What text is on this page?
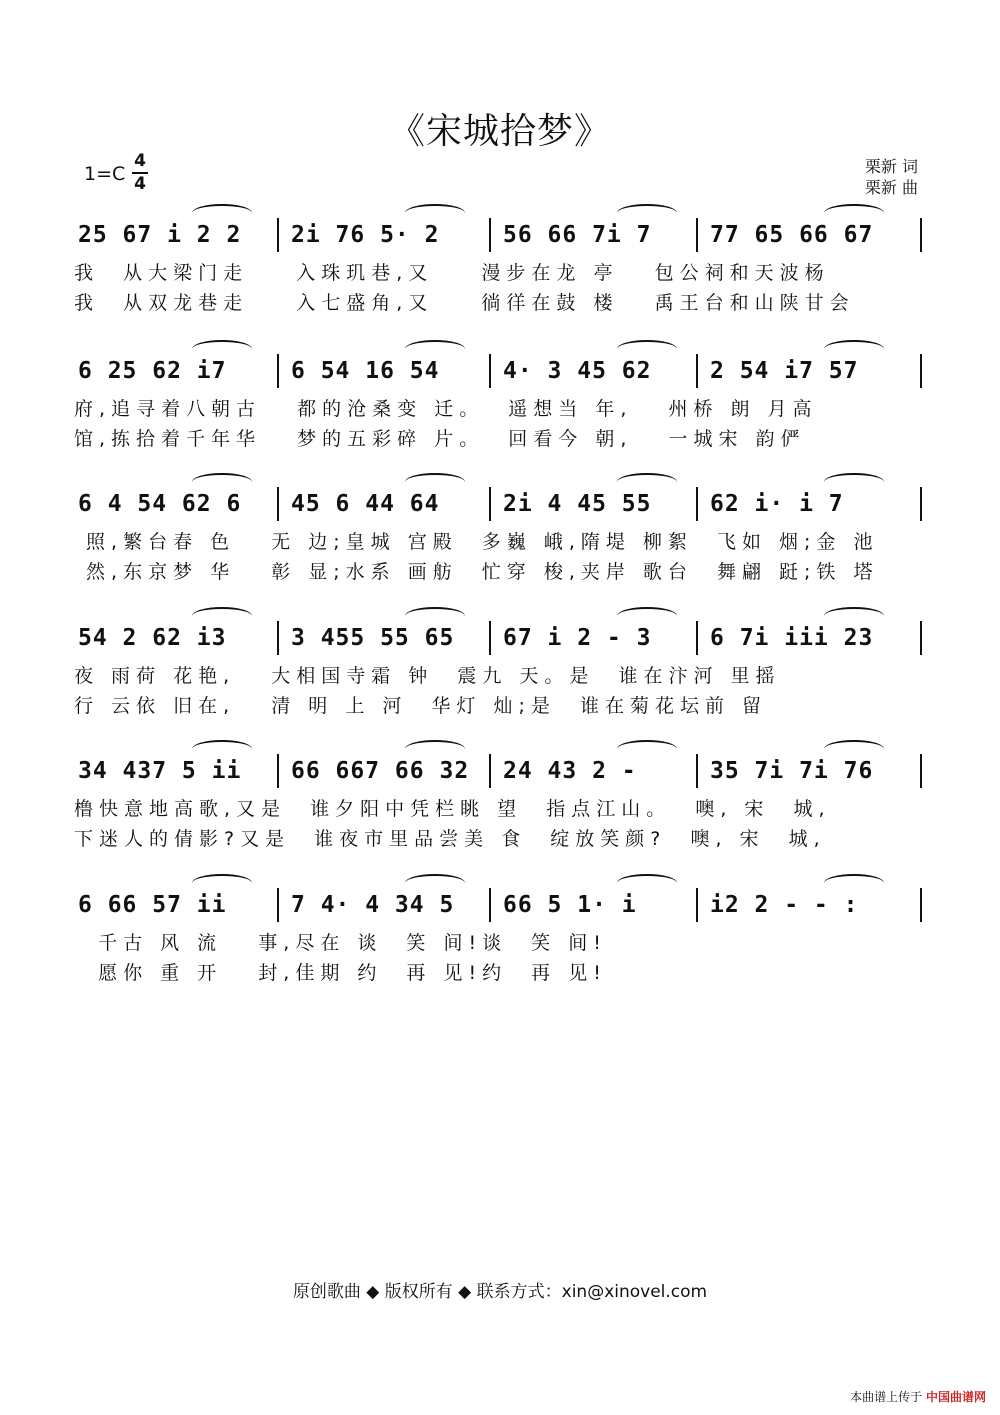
《宋城拾梦》
1=C
4
4
栗新 词
栗新 曲
25 67 i 2 2 2i 76 5· 2	56 66 7i 7	77 65 66 67
我  从大梁门走    入珠玑巷,又    漫步在龙 亭   包公祠和天波杨
我  从双龙巷走    入七盛角,又    徜徉在鼓 楼   禹王台和山陕甘会
6 25 62 i7	6 54 16 54	4· 3 45 62	2 54 i7 57
府,追寻着八朝古   都的沧桑变 迁。  遥想当 年,   州桥 朗 月高
馆,拣拾着千年华   梦的五彩碎 片。  回看今 朝,   一城宋 韵俨
6 4 54 62 6 45 6 44 64	2i 4 45 55	62 i· i 7
照,繁台春 色   无 边;皇城 宫殿  多巍 峨,隋堤 柳絮  飞如 烟;金 池
然,东京梦 华   彰 显;水系 画舫  忙穿 梭,夹岸 歌台  舞翩 跹;铁 塔
54 2 62 i3	3 455 55 65 67 i 2 - 3	6 7i iii 23
夜 雨荷 花艳,   大相国寺霜 钟  震九 天。是  谁在汴河 里摇
行 云依 旧在,   清 明 上 河  华灯 灿;是  谁在菊花坛前 留
34 437 5 ii 66 667 66 32 24 43 2 -	35 7i 7i 76
橹快意地高歌,又是  谁夕阳中凭栏眺 望  指点江山。  噢, 宋  城,
下迷人的倩影?又是  谁夜市里品尝美 食  绽放笑颜?  噢, 宋  城,
6 66 57 ii	7 4· 4 34 5 66 5 1· i	i2 2 - - :
千古 风 流   事,尽在 谈  笑 间!谈  笑 间!
愿你 重 开   封,佳期 约  再 见!约  再 见!
原创歌曲 ◆ 版权所有 ◆ 联系方式：xin@xinovel.com
本曲谱上传于 中国曲谱网
